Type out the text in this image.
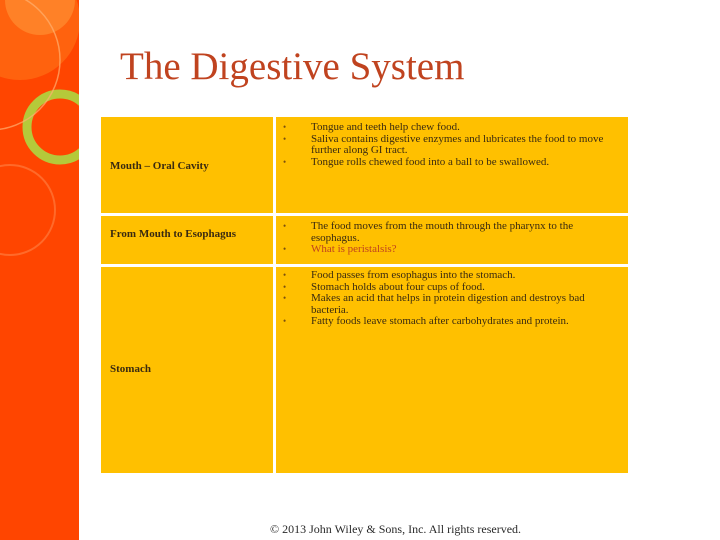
The Digestive System
Mouth – Oral Cavity
• Tongue and teeth help chew food.
• Saliva contains digestive enzymes and lubricates the food to move further along GI tract.
• Tongue rolls chewed food into a ball to be swallowed.
From Mouth to Esophagus
• The food moves from the mouth through the pharynx to the esophagus.
• What is peristalsis?
Stomach
• Food passes from esophagus into the stomach.
• Stomach holds about four cups of food.
• Makes an acid that helps in protein digestion and destroys bad bacteria.
• Fatty foods leave stomach after carbohydrates and protein.
© 2013 John Wiley & Sons, Inc. All rights reserved.
